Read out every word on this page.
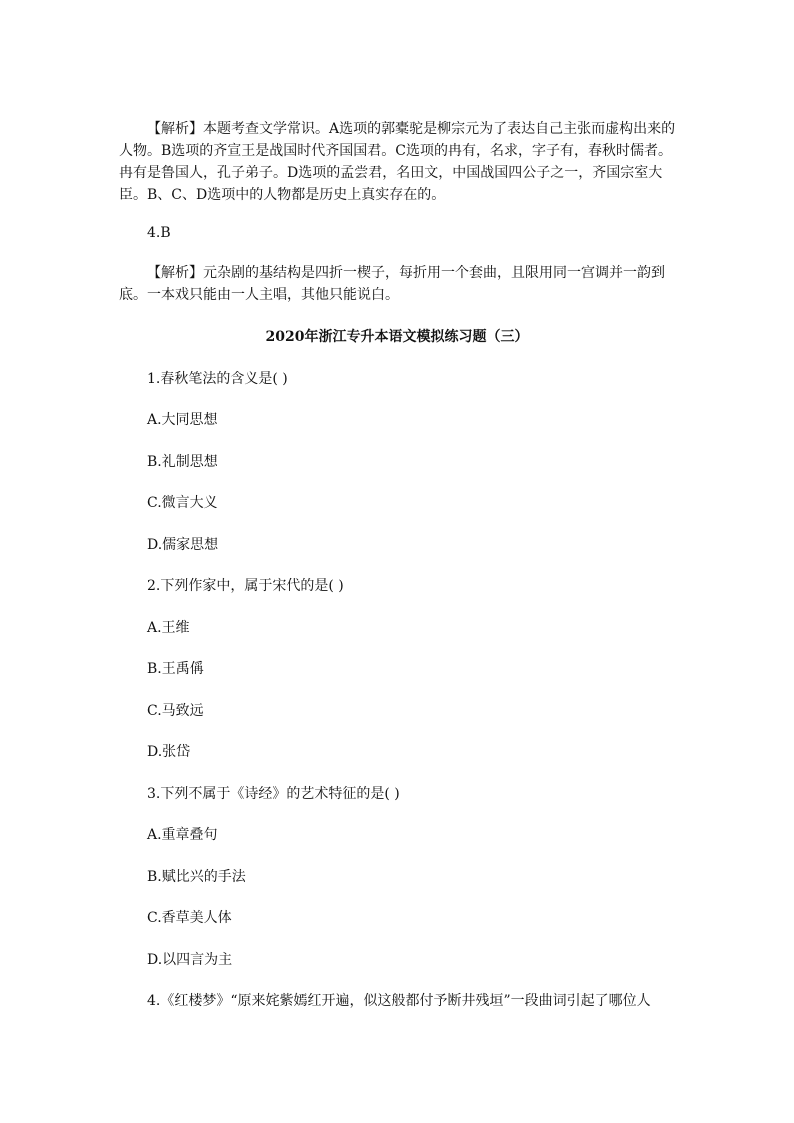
【解析】本题考查文学常识。A选项的郭橐驼是柳宗元为了表达自己主张而虚构出来的人物。B选项的齐宣王是战国时代齐国国君。C选项的冉有，名求，字子有，春秋时儒者。冉有是鲁国人，孔子弟子。D选项的孟尝君，名田文，中国战国四公子之一，齐国宗室大臣。B、C、D选项中的人物都是历史上真实存在的。

4.B

【解析】元杂剧的基结构是四折一楔子，每折用一个套曲，且限用同一宫调并一韵到底。一本戏只能由一人主唱，其他只能说白。

2020年浙江专升本语文模拟练习题（三）

1.春秋笔法的含义是( )

A.大同思想

B.礼制思想

C.微言大义

D.儒家思想

2.下列作家中，属于宋代的是( )

A.王维

B.王禹偁

C.马致远

D.张岱

3.下列不属于《诗经》的艺术特征的是( )

A.重章叠句

B.赋比兴的手法

C.香草美人体

D.以四言为主

4.《红楼梦》“原来姹紫嫣红开遍，似这般都付予断井残垣”一段曲词引起了哪位人
